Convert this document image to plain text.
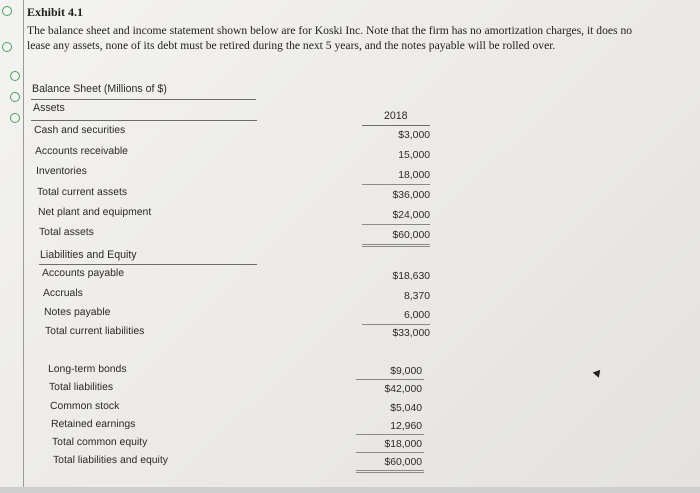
Exhibit 4.1
The balance sheet and income statement shown below are for Koski Inc. Note that the firm has no amortization charges, it does no
lease any assets, none of its debt must be retired during the next 5 years, and the notes payable will be rolled over.
Balance Sheet (Millions of $)
Assets
2018
Cash and securities	$3,000
Accounts receivable	15,000
Inventories	18,000
Total current assets	$36,000
Net plant and equipment	$24,000
Total assets	$60,000
Liabilities and Equity
Accounts payable	$18,630
Accruals	8,370
Notes payable	6,000
Total current liabilities	$33,000
Long-term bonds	$9,000
Total liabilities	$42,000
Common stock	$5,040
Retained earnings	12,960
Total common equity	$18,000
Total liabilities and equity	$60,000
